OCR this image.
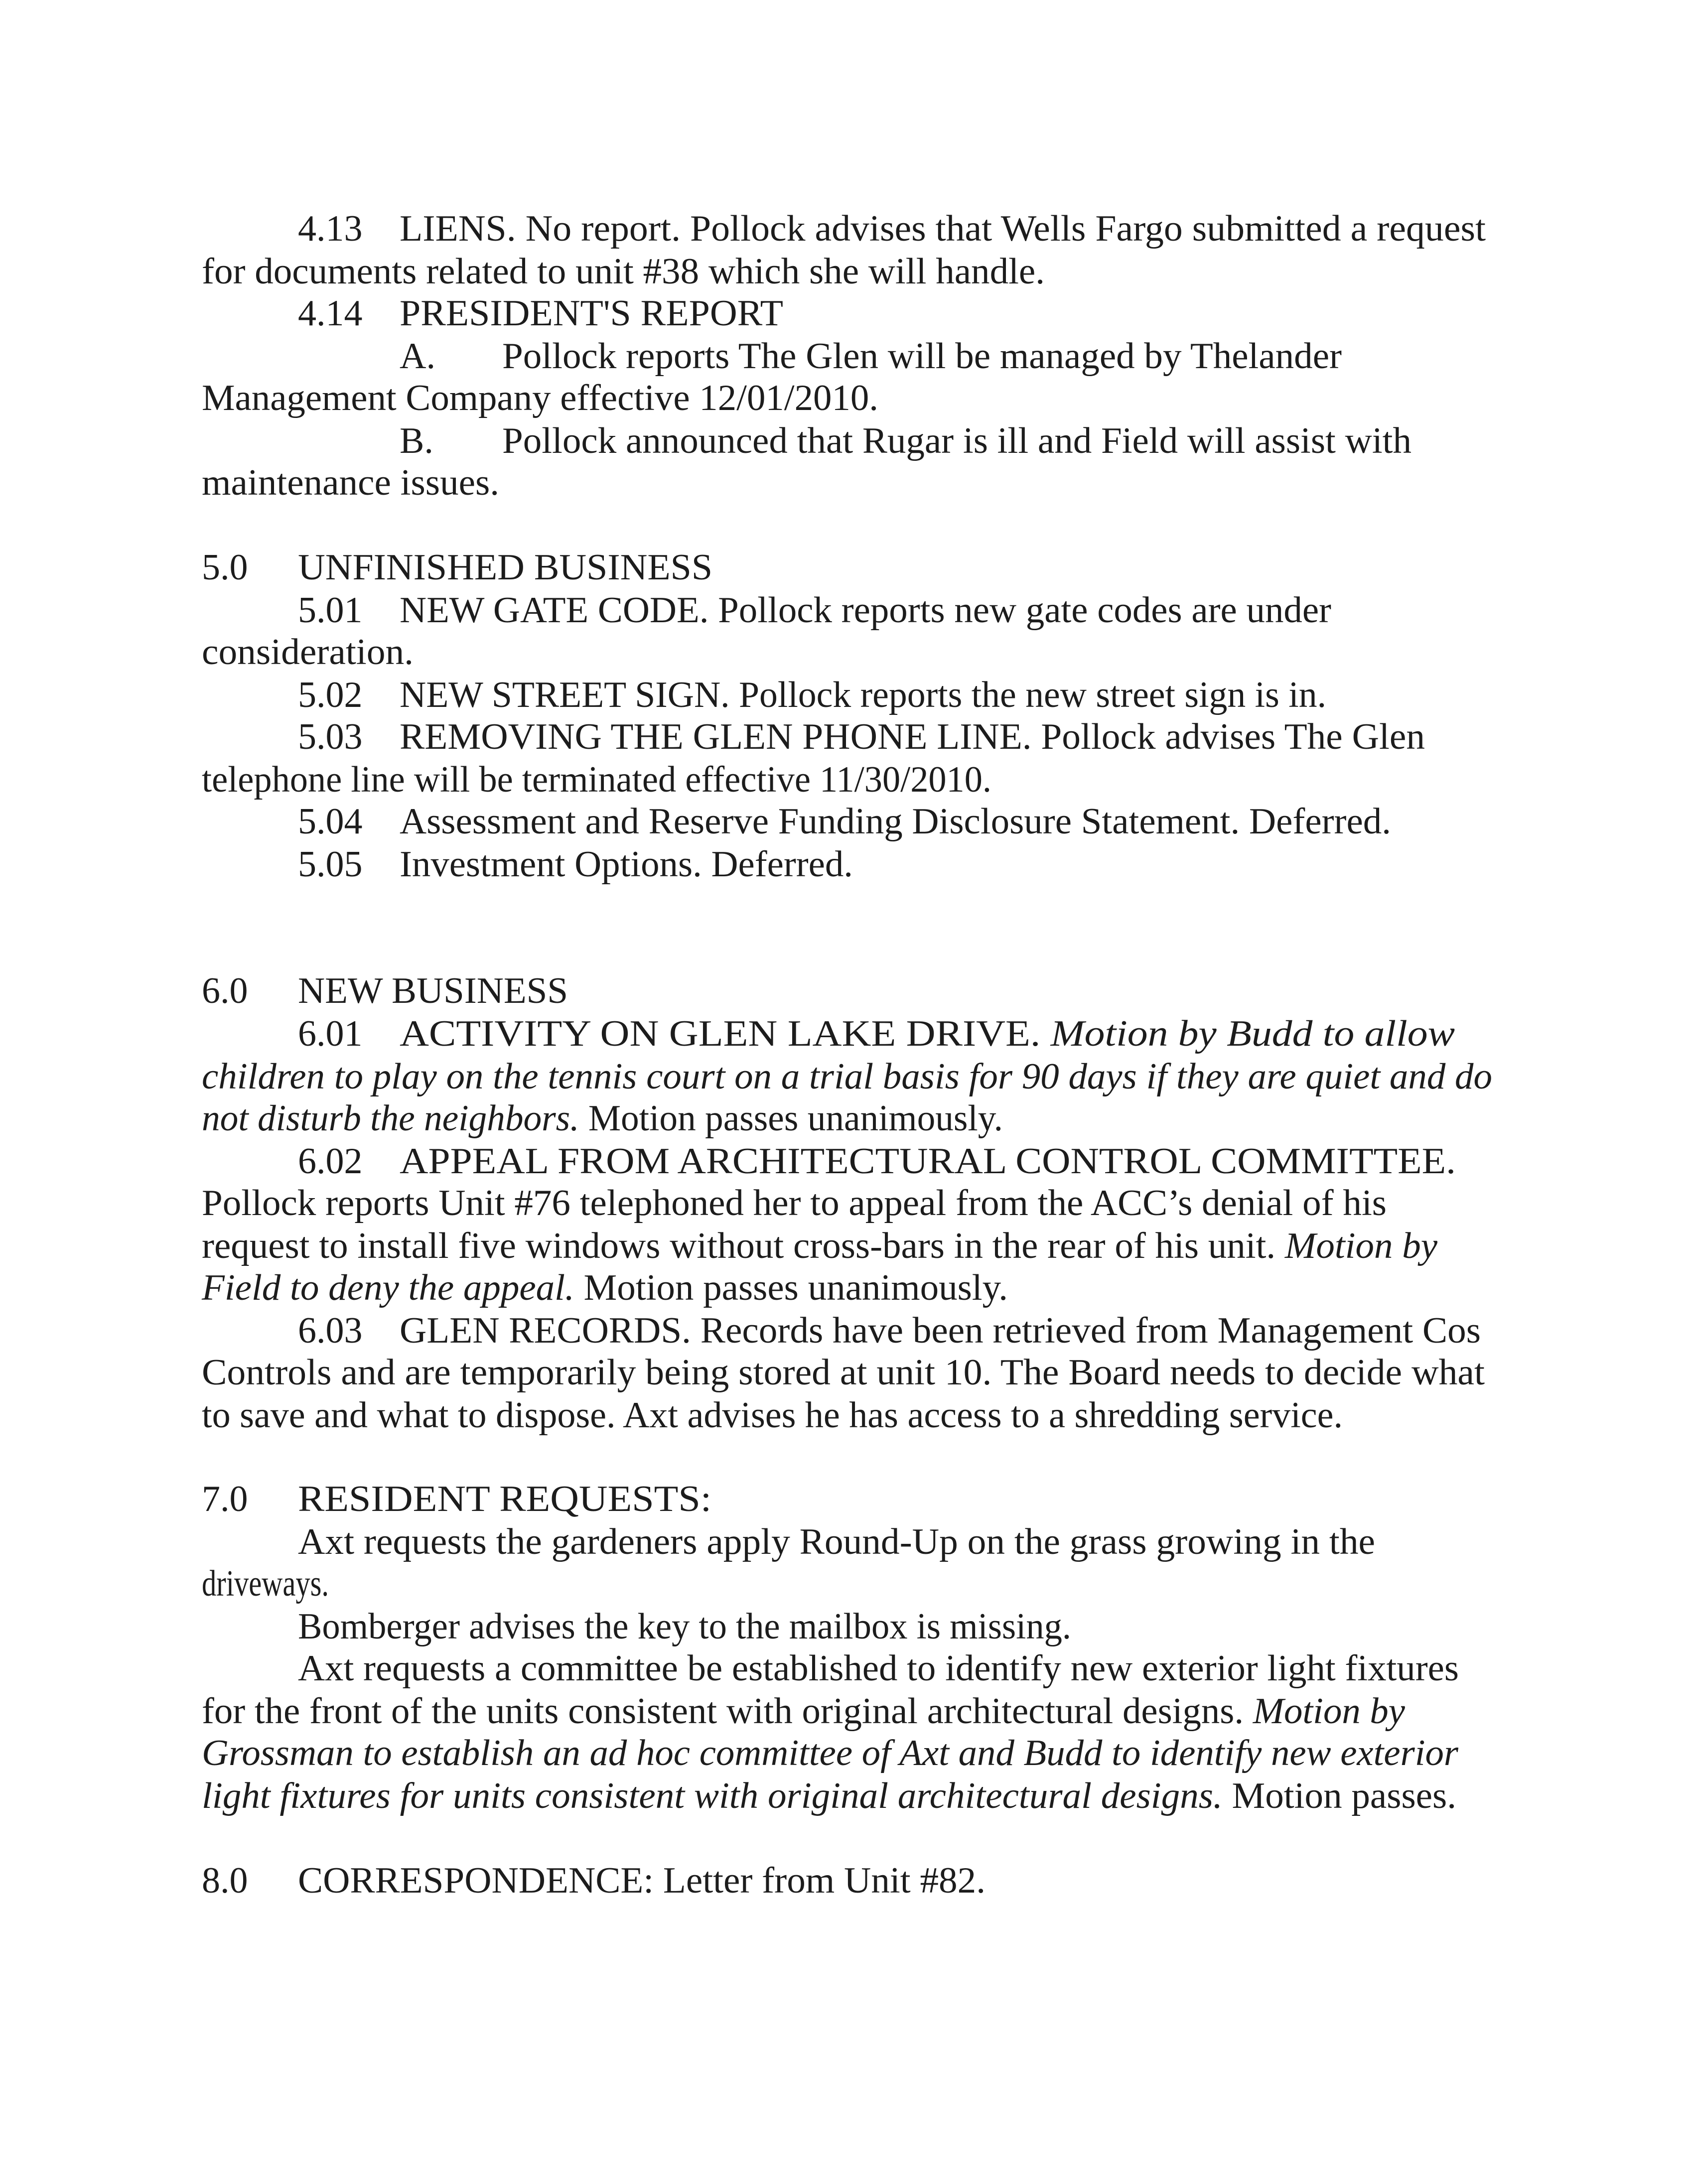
4.13 LIENS. No report. Pollock advises that Wells Fargo submitted a request
for documents related to unit #38 which she will handle.
4.14 PRESIDENT'S REPORT
A. Pollock reports The Glen will be managed by Thelander
Management Company effective 12/01/2010.
B. Pollock announced that Rugar is ill and Field will assist with
maintenance issues.
5.0 UNFINISHED BUSINESS
5.01 NEW GATE CODE. Pollock reports new gate codes are under
consideration.
5.02 NEW STREET SIGN. Pollock reports the new street sign is in.
5.03 REMOVING THE GLEN PHONE LINE. Pollock advises The Glen
telephone line will be terminated effective 11/30/2010.
5.04 Assessment and Reserve Funding Disclosure Statement. Deferred.
5.05 Investment Options. Deferred.
6.0 NEW BUSINESS
6.01 ACTIVITY ON GLEN LAKE DRIVE. Motion by Budd to allow
children to play on the tennis court on a trial basis for 90 days if they are quiet and do
not disturb the neighbors. Motion passes unanimously.
6.02 APPEAL FROM ARCHITECTURAL CONTROL COMMITTEE.
Pollock reports Unit #76 telephoned her to appeal from the ACC’s denial of his
request to install five windows without cross-bars in the rear of his unit. Motion by
Field to deny the appeal. Motion passes unanimously.
6.03 GLEN RECORDS. Records have been retrieved from Management Cos
Controls and are temporarily being stored at unit 10. The Board needs to decide what
to save and what to dispose. Axt advises he has access to a shredding service.
7.0 RESIDENT REQUESTS:
Axt requests the gardeners apply Round-Up on the grass growing in the
driveways.
Bomberger advises the key to the mailbox is missing.
Axt requests a committee be established to identify new exterior light fixtures
for the front of the units consistent with original architectural designs. Motion by
Grossman to establish an ad hoc committee of Axt and Budd to identify new exterior
light fixtures for units consistent with original architectural designs. Motion passes.
8.0 CORRESPONDENCE: Letter from Unit #82.
